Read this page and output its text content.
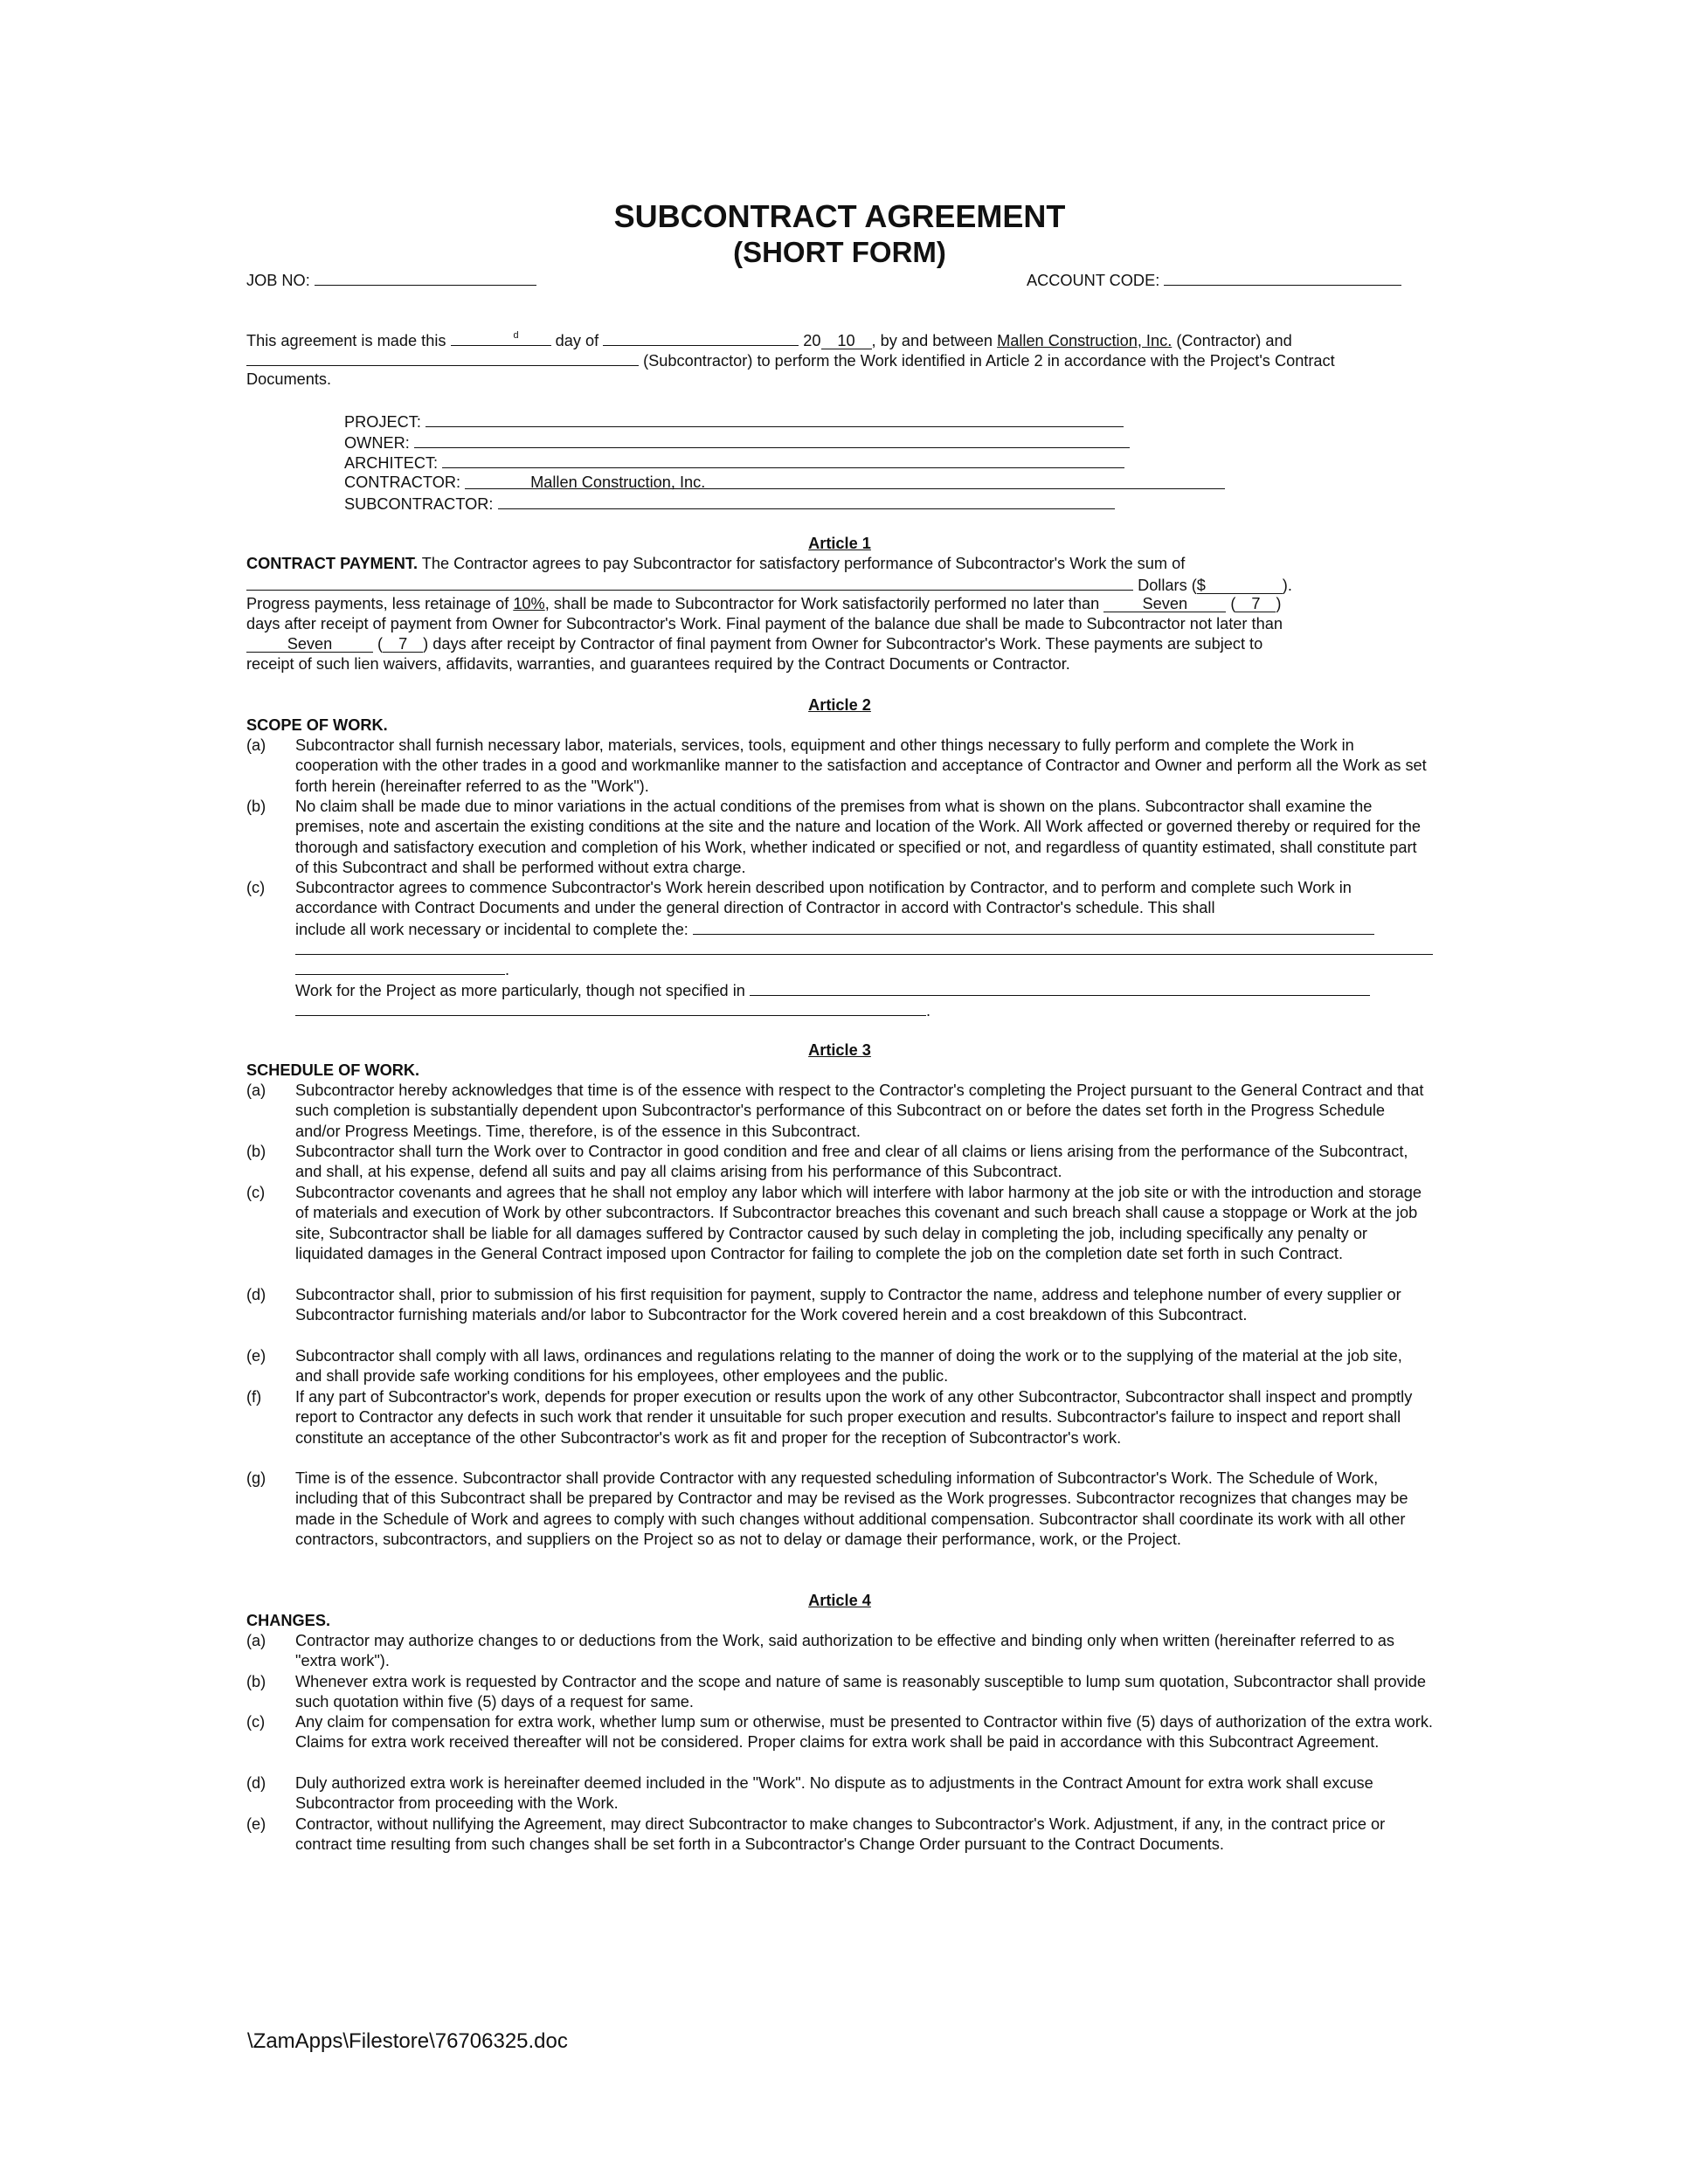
SUBCONTRACT AGREEMENT
(SHORT FORM)
JOB NO:	ACCOUNT CODE:
This agreement is made this	d day of	20 10 , by and between Mallen Construction, Inc. (Contractor) and
(Subcontractor) to perform the Work identified in Article 2 in accordance with the Project's Contract
Documents.
PROJECT:
OWNER:
ARCHITECT:
CONTRACTOR:	Mallen Construction, Inc.
SUBCONTRACTOR:
Article 1
CONTRACT PAYMENT. The Contractor agrees to pay Subcontractor for satisfactory performance of Subcontractor's Work the sum of
Dollars ($	).
Progress payments, less retainage of 10%, shall be made to Subcontractor for Work satisfactorily performed no later than	Seven ( 7 )
days after receipt of payment from Owner for Subcontractor's Work. Final payment of the balance due shall be made to Subcontractor not later than
Seven	( 7 ) days after receipt by Contractor of final payment from Owner for Subcontractor's Work. These payments are subject to
receipt of such lien waivers, affidavits, warranties, and guarantees required by the Contract Documents or Contractor.
Article 2
SCOPE OF WORK.
(a) Subcontractor shall furnish necessary labor, materials, services, tools, equipment and other things necessary to fully perform and complete the Work in cooperation with the other trades in a good and workmanlike manner to the satisfaction and acceptance of Contractor and Owner and perform all the Work as set forth herein (hereinafter referred to as the "Work").
(b) No claim shall be made due to minor variations in the actual conditions of the premises from what is shown on the plans. Subcontractor shall examine the premises, note and ascertain the existing conditions at the site and the nature and location of the Work. All Work affected or governed thereby or required for the thorough and satisfactory execution and completion of his Work, whether indicated or specified or not, and regardless of quantity estimated, shall constitute part of this Subcontract and shall be performed without extra charge.
(c) Subcontractor agrees to commence Subcontractor's Work herein described upon notification by Contractor, and to perform and complete such Work in accordance with Contract Documents and under the general direction of Contractor in accord with Contractor's schedule. This shall
include all work necessary or incidental to complete the:
.
Work for the Project as more particularly, though not specified in
.
Article 3
SCHEDULE OF WORK.
(a) Subcontractor hereby acknowledges that time is of the essence with respect to the Contractor's completing the Project pursuant to the General Contract and that such completion is substantially dependent upon Subcontractor's performance of this Subcontract on or before the dates set forth in the Progress Schedule and/or Progress Meetings. Time, therefore, is of the essence in this Subcontract.
(b) Subcontractor shall turn the Work over to Contractor in good condition and free and clear of all claims or liens arising from the performance of the Subcontract, and shall, at his expense, defend all suits and pay all claims arising from his performance of this Subcontract.
(c) Subcontractor covenants and agrees that he shall not employ any labor which will interfere with labor harmony at the job site or with the introduction and storage of materials and execution of Work by other subcontractors. If Subcontractor breaches this covenant and such breach shall cause a stoppage or Work at the job site, Subcontractor shall be liable for all damages suffered by Contractor caused by such delay in completing the job, including specifically any penalty or liquidated damages in the General Contract imposed upon Contractor for failing to complete the job on the completion date set forth in such Contract.
(d) Subcontractor shall, prior to submission of his first requisition for payment, supply to Contractor the name, address and telephone number of every supplier or Subcontractor furnishing materials and/or labor to Subcontractor for the Work covered herein and a cost breakdown of this Subcontract.
(e) Subcontractor shall comply with all laws, ordinances and regulations relating to the manner of doing the work or to the supplying of the material at the job site, and shall provide safe working conditions for his employees, other employees and the public.
(f) If any part of Subcontractor's work, depends for proper execution or results upon the work of any other Subcontractor, Subcontractor shall inspect and promptly report to Contractor any defects in such work that render it unsuitable for such proper execution and results. Subcontractor's failure to inspect and report shall constitute an acceptance of the other Subcontractor's work as fit and proper for the reception of Subcontractor's work.
(g) Time is of the essence. Subcontractor shall provide Contractor with any requested scheduling information of Subcontractor's Work. The Schedule of Work, including that of this Subcontract shall be prepared by Contractor and may be revised as the Work progresses. Subcontractor recognizes that changes may be made in the Schedule of Work and agrees to comply with such changes without additional compensation. Subcontractor shall coordinate its work with all other contractors, subcontractors, and suppliers on the Project so as not to delay or damage their performance, work, or the Project.
Article 4
CHANGES.
(a) Contractor may authorize changes to or deductions from the Work, said authorization to be effective and binding only when written (hereinafter referred to as "extra work").
(b) Whenever extra work is requested by Contractor and the scope and nature of same is reasonably susceptible to lump sum quotation, Subcontractor shall provide such quotation within five (5) days of a request for same.
(c) Any claim for compensation for extra work, whether lump sum or otherwise, must be presented to Contractor within five (5) days of authorization of the extra work. Claims for extra work received thereafter will not be considered. Proper claims for extra work shall be paid in accordance with this Subcontract Agreement.
(d) Duly authorized extra work is hereinafter deemed included in the "Work". No dispute as to adjustments in the Contract Amount for extra work shall excuse Subcontractor from proceeding with the Work.
(e) Contractor, without nullifying the Agreement, may direct Subcontractor to make changes to Subcontractor's Work. Adjustment, if any, in the contract price or contract time resulting from such changes shall be set forth in a Subcontractor's Change Order pursuant to the Contract Documents.
\ZamApps\Filestore\76706325.doc
